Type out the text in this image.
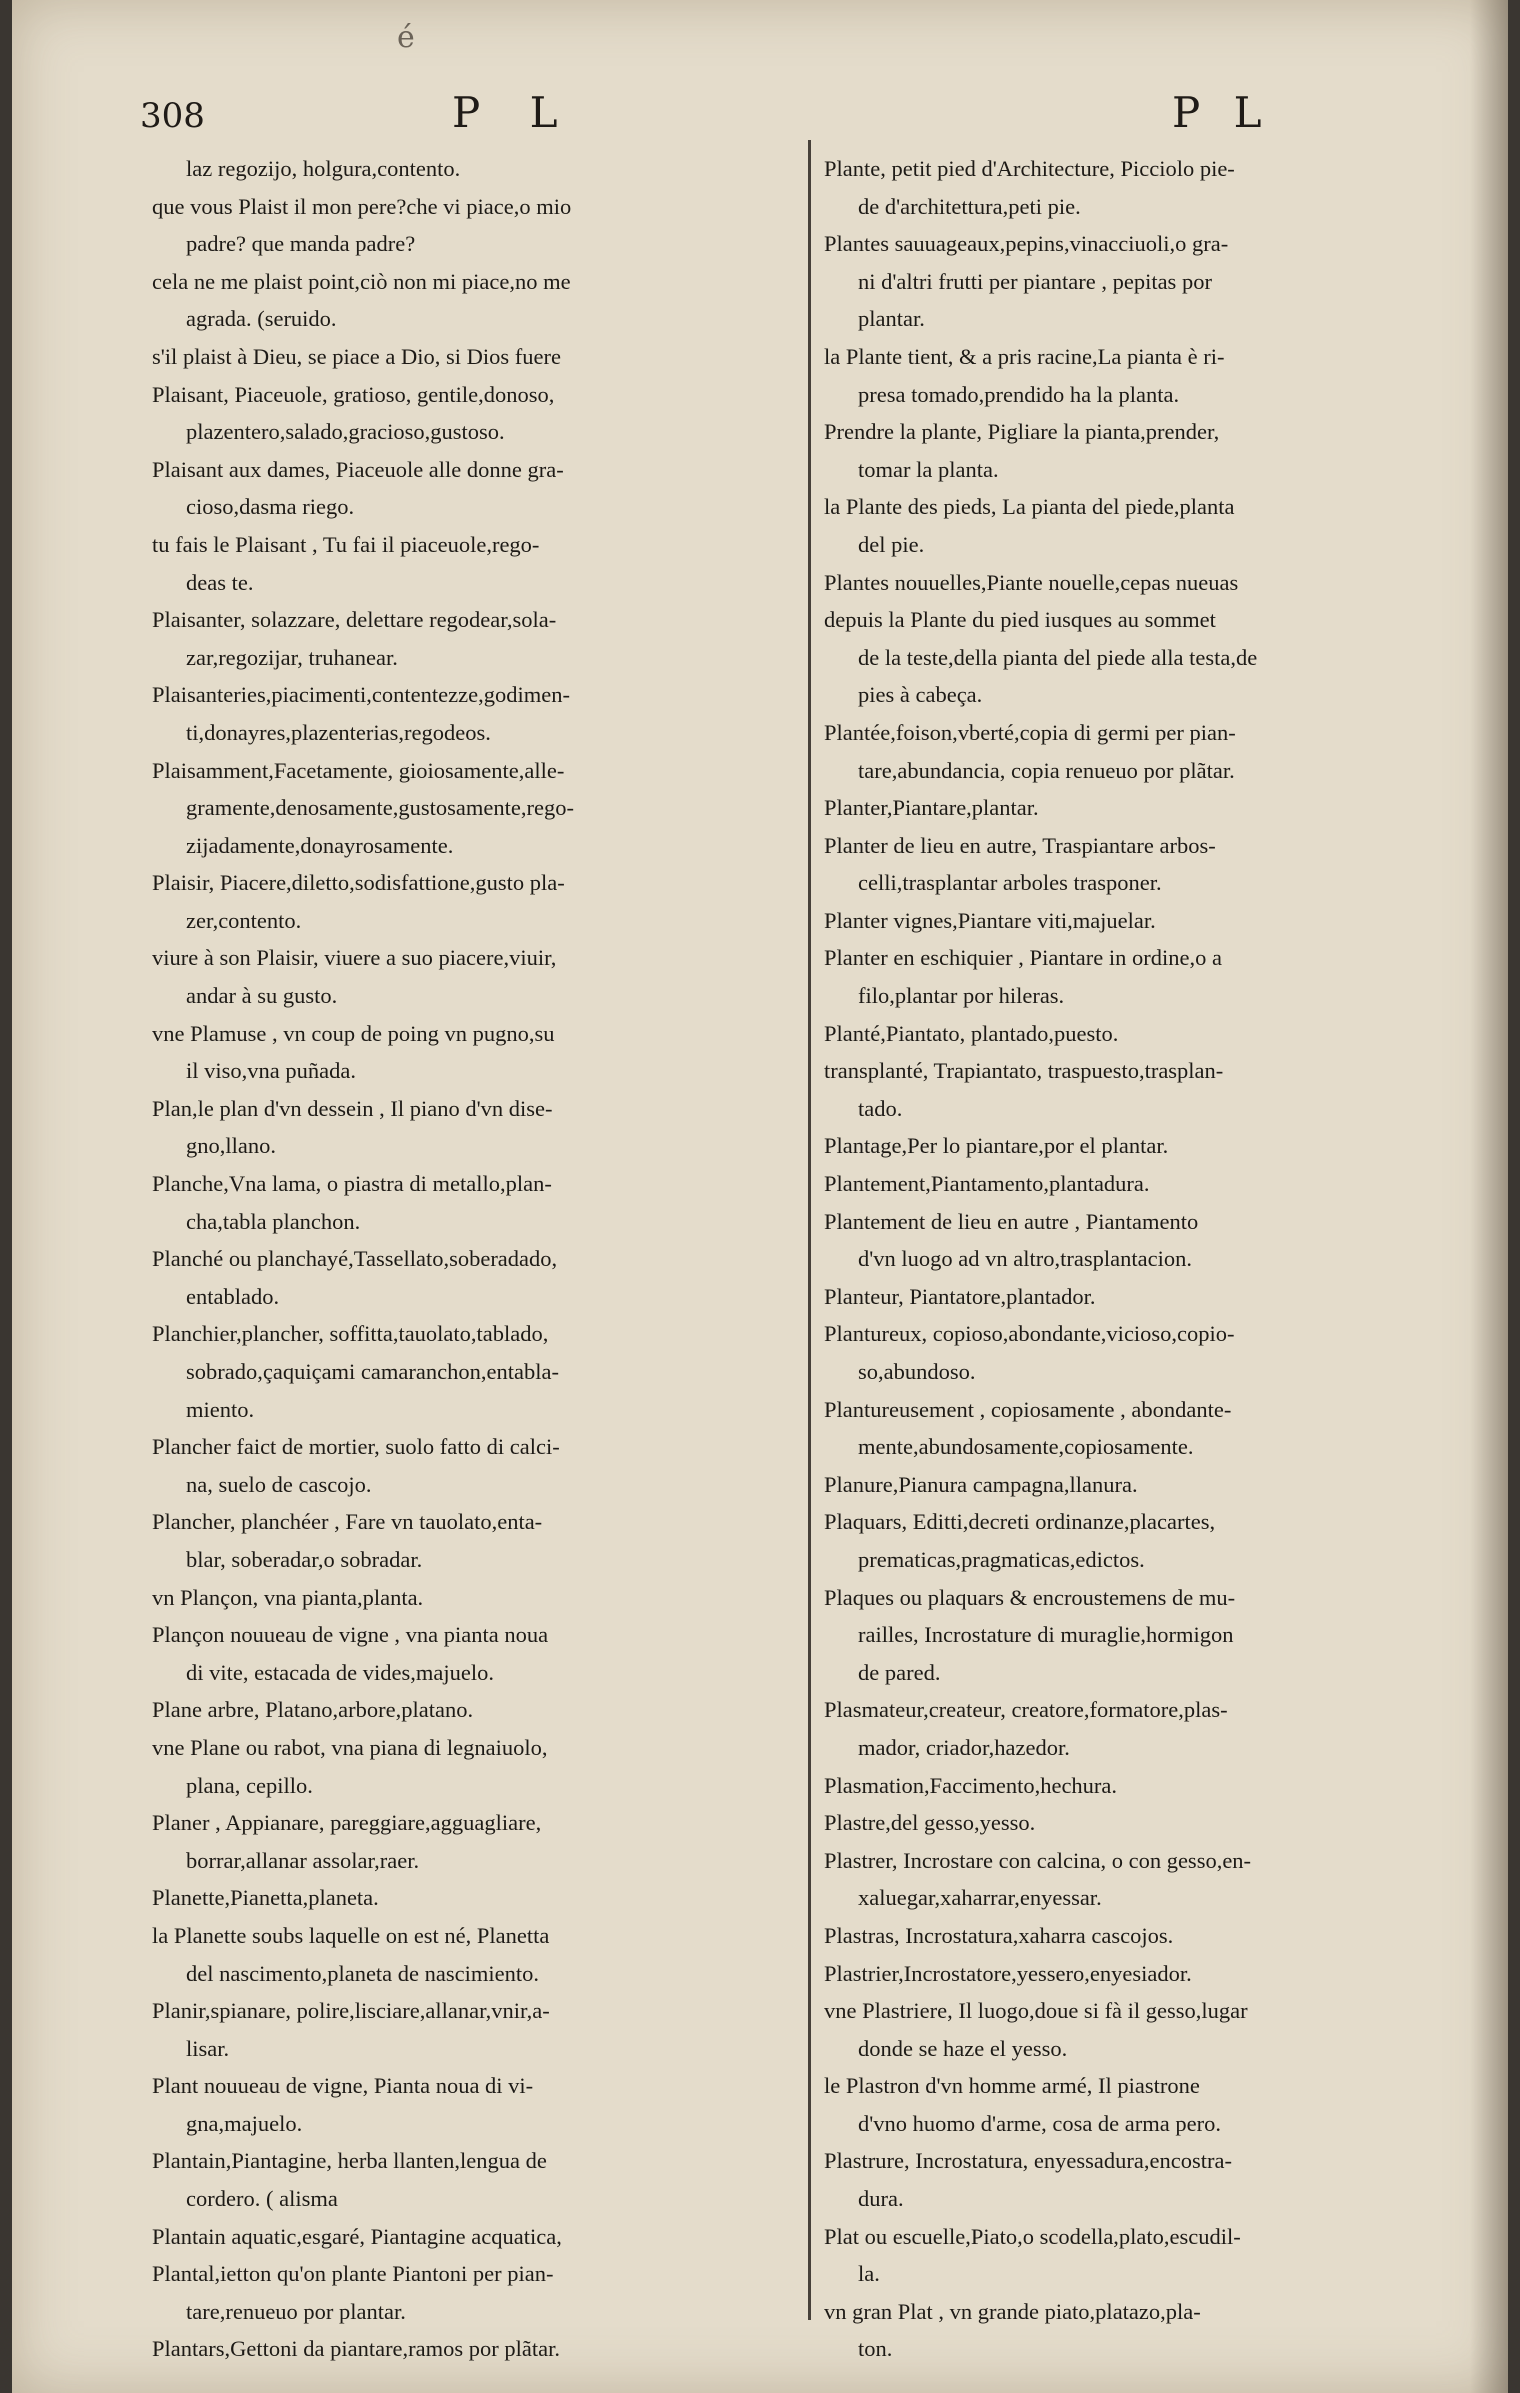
é
308	P L	P L
laz regozijo, holgura,contento.
que vous Plaist il mon pere?che vi piace,o mio
padre? que manda padre?
cela ne me plaist point,ciò non mi piace,no me
agrada. (seruido.
s'il plaist à Dieu, se piace a Dio, si Dios fuere
Plaisant, Piaceuole, gratioso, gentile,donoso,
plazentero,salado,gracioso,gustoso.
Plaisant aux dames, Piaceuole alle donne gra-
cioso,dasma riego.
tu fais le Plaisant , Tu fai il piaceuole,rego-
deas te.
Plaisanter, solazzare, delettare regodear,sola-
zar,regozijar, truhanear.
Plaisanteries,piacimenti,contentezze,godimen-
ti,donayres,plazenterias,regodeos.
Plaisamment,Facetamente, gioiosamente,alle-
gramente,denosamente,gustosamente,rego-
zijadamente,donayrosamente.
Plaisir, Piacere,diletto,sodisfattione,gusto pla-
zer,contento.
viure à son Plaisir, viuere a suo piacere,viuir,
andar à su gusto.
vne Plamuse , vn coup de poing vn pugno,su
il viso,vna puñada.
Plan,le plan d'vn dessein , Il piano d'vn dise-
gno,llano.
Planche,Vna lama, o piastra di metallo,plan-
cha,tabla planchon.
Planché ou planchayé,Tassellato,soberadado,
entablado.
Planchier,plancher, soffitta,tauolato,tablado,
sobrado,çaquiçami camaranchon,entabla-
miento.
Plancher faict de mortier, suolo fatto di calci-
na, suelo de cascojo.
Plancher, planchéer , Fare vn tauolato,enta-
blar, soberadar,o sobradar.
vn Plançon, vna pianta,planta.
Plançon nouueau de vigne , vna pianta noua
di vite, estacada de vides,majuelo.
Plane arbre, Platano,arbore,platano.
vne Plane ou rabot, vna piana di legnaiuolo,
plana, cepillo.
Planer , Appianare, pareggiare,agguagliare,
borrar,allanar assolar,raer.
Planette,Pianetta,planeta.
la Planette soubs laquelle on est né, Planetta
del nascimento,planeta de nascimiento.
Planir,spianare, polire,lisciare,allanar,vnir,a-
lisar.
Plant nouueau de vigne, Pianta noua di vi-
gna,majuelo.
Plantain,Piantagine, herba llanten,lengua de
cordero. ( alisma
Plantain aquatic,esgaré, Piantagine acquatica,
Plantal,ietton qu'on plante Piantoni per pian-
tare,renueuo por plantar.
Plantars,Gettoni da piantare,ramos por plãtar.
Plante, petit pied d'Architecture, Picciolo pie-
de d'architettura,peti pie.
Plantes sauuageaux,pepins,vinacciuoli,o gra-
ni d'altri frutti per piantare , pepitas por
plantar.
la Plante tient, & a pris racine,La pianta è ri-
presa tomado,prendido ha la planta.
Prendre la plante, Pigliare la pianta,prender,
tomar la planta.
la Plante des pieds, La pianta del piede,planta
del pie.
Plantes nouuelles,Piante nouelle,cepas nueuas
depuis la Plante du pied iusques au sommet
de la teste,della pianta del piede alla testa,de
pies à cabeça.
Plantée,foison,vberté,copia di germi per pian-
tare,abundancia, copia renueuo por plãtar.
Planter,Piantare,plantar.
Planter de lieu en autre, Traspiantare arbos-
celli,trasplantar arboles trasponer.
Planter vignes,Piantare viti,majuelar.
Planter en eschiquier , Piantare in ordine,o a
filo,plantar por hileras.
Planté,Piantato, plantado,puesto.
transplanté, Trapiantato, traspuesto,trasplan-
tado.
Plantage,Per lo piantare,por el plantar.
Plantement,Piantamento,plantadura.
Plantement de lieu en autre , Piantamento
d'vn luogo ad vn altro,trasplantacion.
Planteur, Piantatore,plantador.
Plantureux, copioso,abondante,vicioso,copio-
so,abundoso.
Plantureusement , copiosamente , abondante-
mente,abundosamente,copiosamente.
Planure,Pianura campagna,llanura.
Plaquars, Editti,decreti ordinanze,placartes,
prematicas,pragmaticas,edictos.
Plaques ou plaquars & encroustemens de mu-
railles, Incrostature di muraglie,hormigon
de pared.
Plasmateur,createur, creatore,formatore,plas-
mador, criador,hazedor.
Plasmation,Faccimento,hechura.
Plastre,del gesso,yesso.
Plastrer, Incrostare con calcina, o con gesso,en-
xaluegar,xaharrar,enyessar.
Plastras, Incrostatura,xaharra cascojos.
Plastrier,Incrostatore,yessero,enyesiador.
vne Plastriere, Il luogo,doue si fà il gesso,lugar
donde se haze el yesso.
le Plastron d'vn homme armé, Il piastrone
d'vno huomo d'arme, cosa de arma pero.
Plastrure, Incrostatura, enyessadura,encostra-
dura.
Plat ou escuelle,Piato,o scodella,plato,escudil-
la.
vn gran Plat , vn grande piato,platazo,pla-
ton.
